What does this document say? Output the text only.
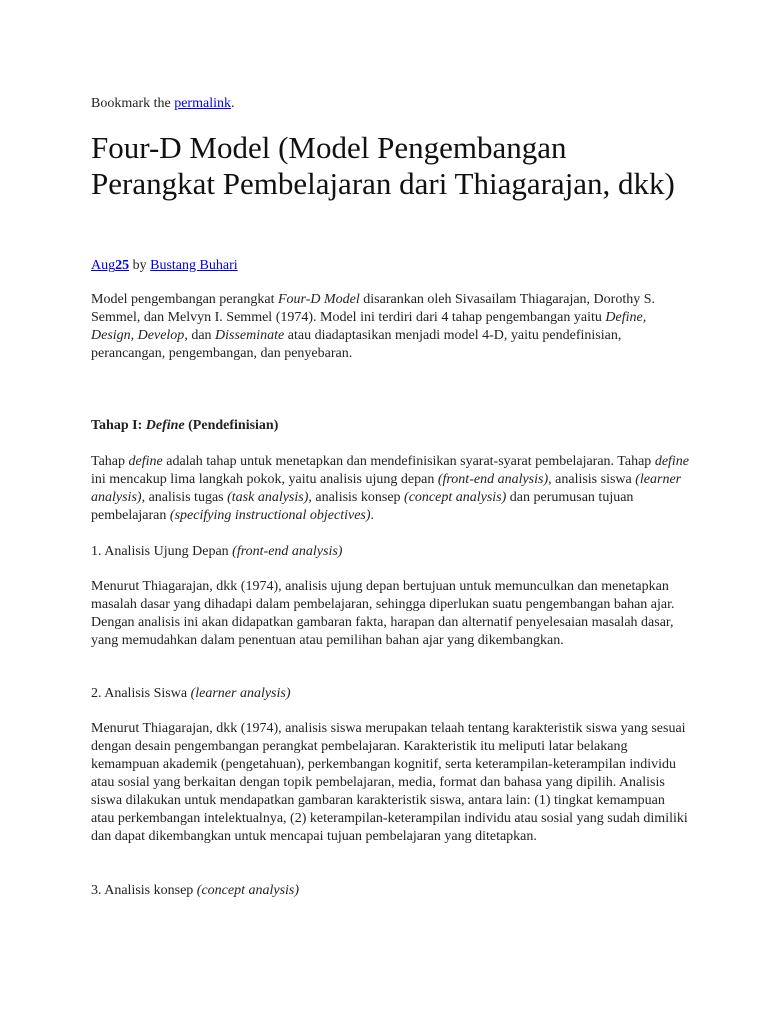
Bookmark the permalink.
Four-D Model (Model Pengembangan Perangkat Pembelajaran dari Thiagarajan, dkk)
Aug25 by Bustang Buhari

Model pengembangan perangkat Four-D Model disarankan oleh Sivasailam Thiagarajan, Dorothy S. Semmel, dan Melvyn I. Semmel (1974). Model ini terdiri dari 4 tahap pengembangan yaitu Define, Design, Develop, dan Disseminate atau diadaptasikan menjadi model 4-D, yaitu pendefinisian, perancangan, pengembangan, dan penyebaran.

Tahap I: Define (Pendefinisian)

Tahap define adalah tahap untuk menetapkan dan mendefinisikan syarat-syarat pembelajaran. Tahap define ini mencakup lima langkah pokok, yaitu analisis ujung depan (front-end analysis), analisis siswa (learner analysis), analisis tugas (task analysis), analisis konsep (concept analysis) dan perumusan tujuan pembelajaran (specifying instructional objectives).

1. Analisis Ujung Depan (front-end analysis)

Menurut Thiagarajan, dkk (1974), analisis ujung depan bertujuan untuk memunculkan dan menetapkan masalah dasar yang dihadapi dalam pembelajaran, sehingga diperlukan suatu pengembangan bahan ajar. Dengan analisis ini akan didapatkan gambaran fakta, harapan dan alternatif penyelesaian masalah dasar, yang memudahkan dalam penentuan atau pemilihan bahan ajar yang dikembangkan.

2. Analisis Siswa (learner analysis)

Menurut Thiagarajan, dkk (1974), analisis siswa merupakan telaah tentang karakteristik siswa yang sesuai dengan desain pengembangan perangkat pembelajaran. Karakteristik itu meliputi latar belakang kemampuan akademik (pengetahuan), perkembangan kognitif, serta keterampilan-keterampilan individu atau sosial yang berkaitan dengan topik pembelajaran, media, format dan bahasa yang dipilih. Analisis siswa dilakukan untuk mendapatkan gambaran karakteristik siswa, antara lain: (1) tingkat kemampuan atau perkembangan intelektualnya, (2) keterampilan-keterampilan individu atau sosial yang sudah dimiliki dan dapat dikembangkan untuk mencapai tujuan pembelajaran yang ditetapkan.

3. Analisis konsep (concept analysis)
